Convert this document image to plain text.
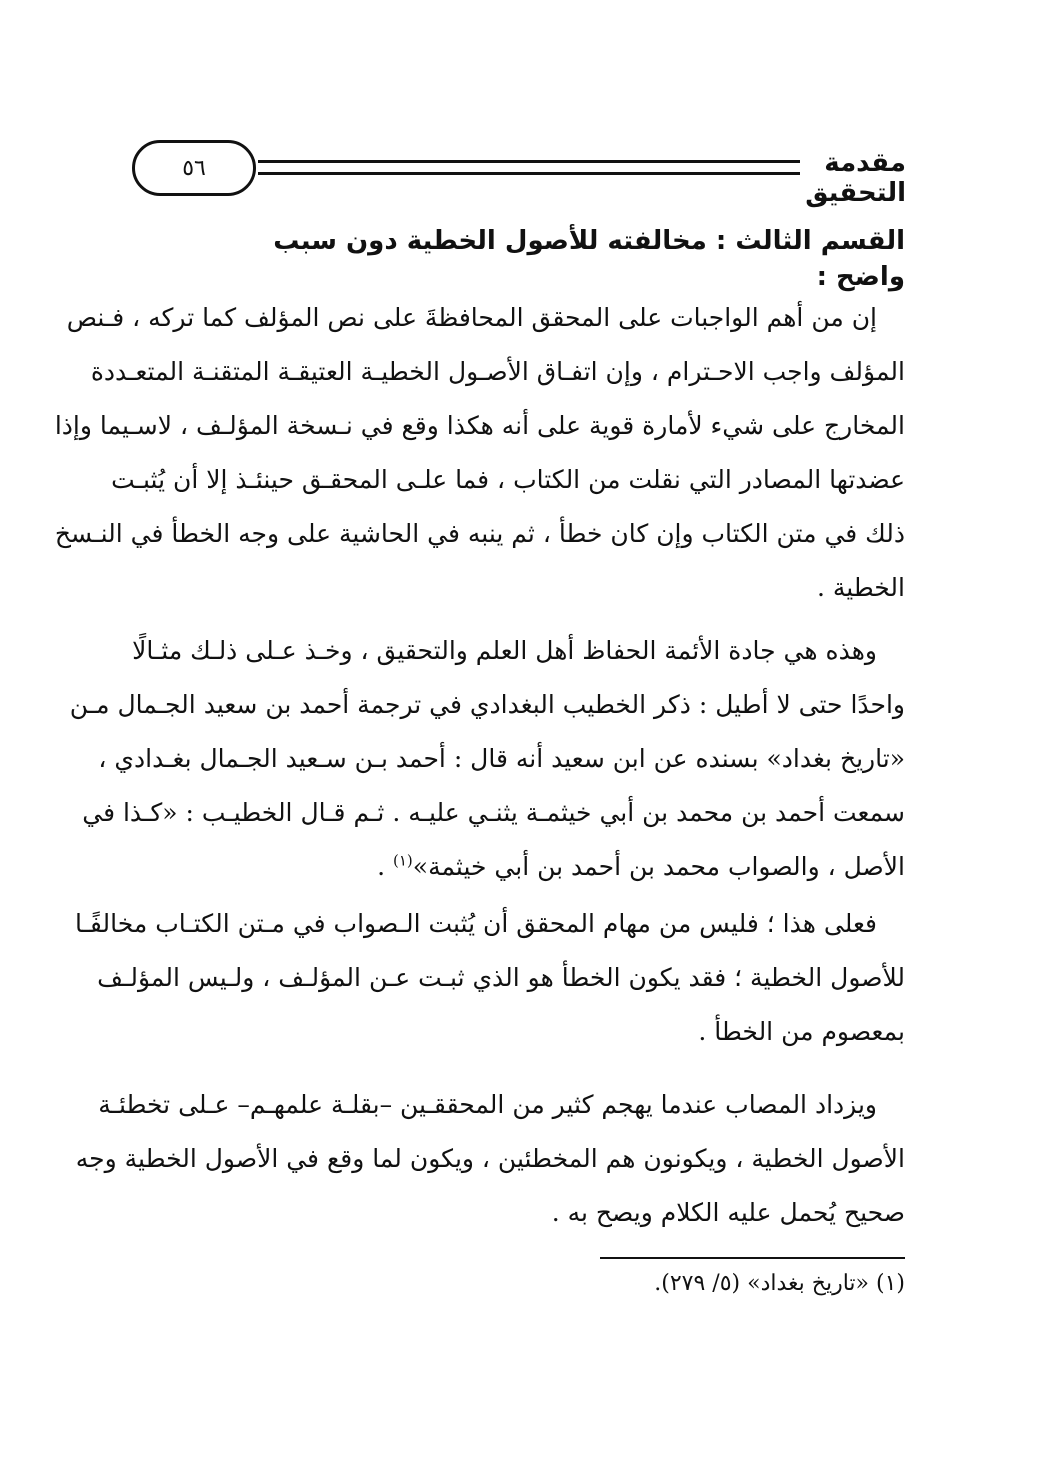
٥٦	مقدمة التحقيق
القسم الثالث : مخالفته للأصول الخطية دون سبب واضح :
إن من أهم الواجبات على المحقق المحافظةَ على نص المؤلف كما تركه ، فـنص
المؤلف واجب الاحـترام ، وإن اتفـاق الأصـول الخطيـة العتيقـة المتقنـة المتعـددة
المخارج على شيء لأمارة قوية على أنه هكذا وقع في نـسخة المؤلـف ، لاسـيما وإذا
عضدتها المصادر التي نقلت من الكتاب ، فما علـى المحقـق حينئـذ إلا أن يُثبـت
ذلك في متن الكتاب وإن كان خطأ ، ثم ينبه في الحاشية على وجه الخطأ في النـسخ
الخطية .
وهذه هي جادة الأئمة الحفاظ أهل العلم والتحقيق ، وخـذ عـلى ذلـك مثـالًا
واحدًا حتى لا أطيل : ذكر الخطيب البغدادي في ترجمة أحمد بن سعيد الجـمال مـن
«تاريخ بغداد» بسنده عن ابن سعيد أنه قال : أحمد بـن سـعيد الجـمال بغـدادي ،
سمعت أحمد بن محمد بن أبي خيثمـة يثنـي عليـه . ثـم قـال الخطيـب : «كـذا في
الأصل ، والصواب محمد بن أحمد بن أبي خيثمة»$^{(١)}$ .
فعلى هذا ؛ فليس من مهام المحقق أن يُثبت الـصواب في مـتن الكتـاب مخالفًـا
للأصول الخطية ؛ فقد يكون الخطأ هو الذي ثبـت عـن المؤلـف ، ولـيس المؤلـف
بمعصوم من الخطأ .
ويزداد المصاب عندما يهجم كثير من المحققـين –بقلـة علمهـم– عـلى تخطئـة
الأصول الخطية ، ويكونون هم المخطئين ، ويكون لما وقع في الأصول الخطية وجه
صحيح يُحمل عليه الكلام ويصح به .
(١) «تاريخ بغداد» (٥/ ٢٧٩).
